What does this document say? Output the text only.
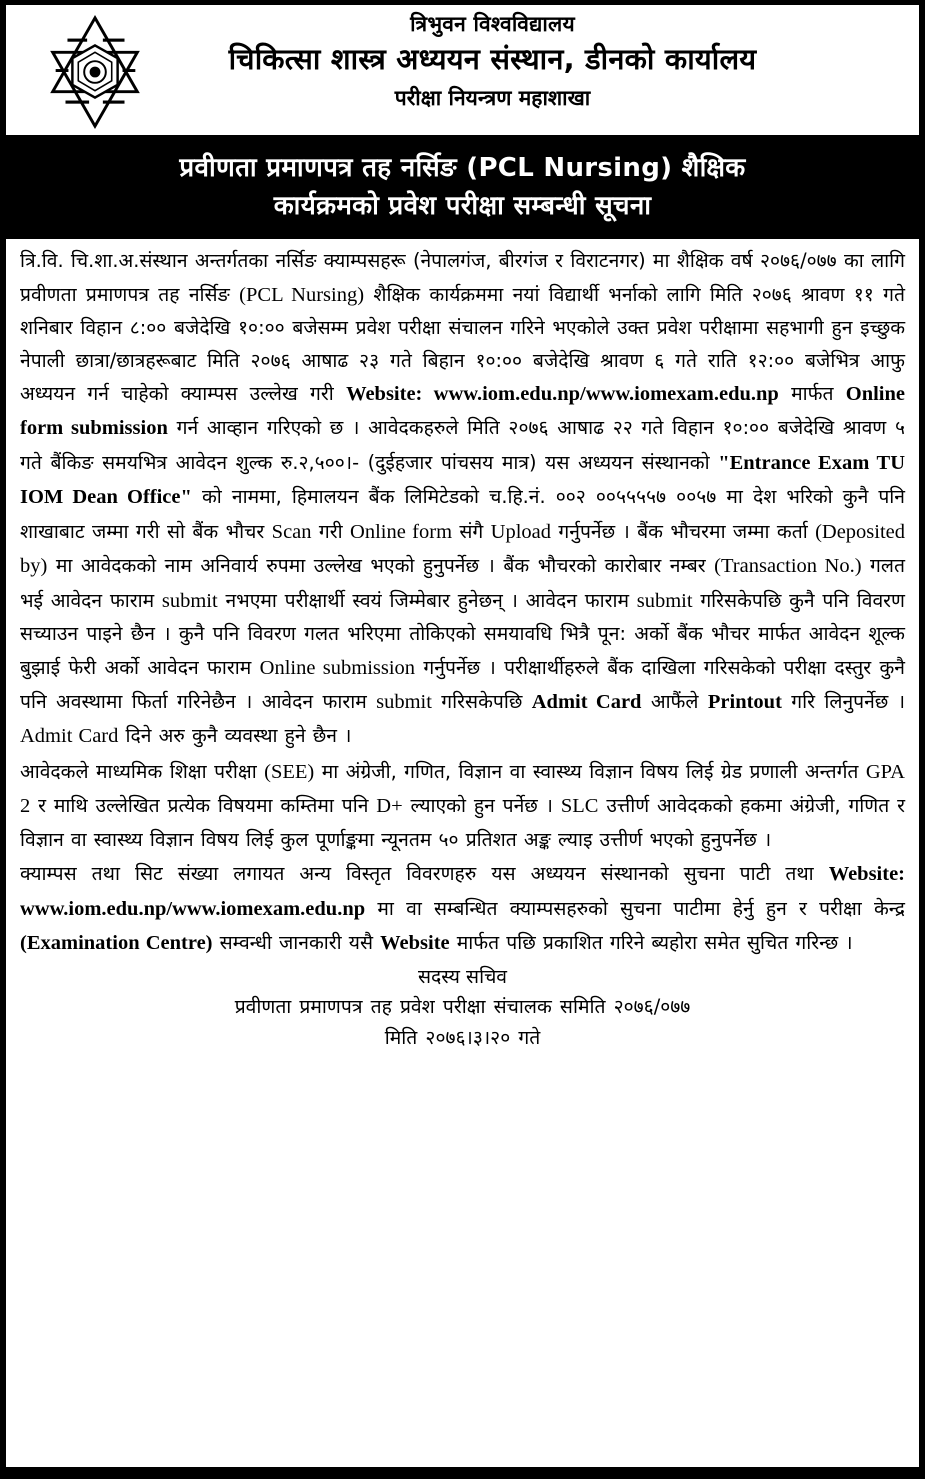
त्रिभुवन विश्वविद्यालय
चिकित्सा शास्त्र अध्ययन संस्थान, डीनको कार्यालय
परीक्षा नियन्त्रण महाशाखा
प्रवीणता प्रमाणपत्र तह नर्सिङ (PCL Nursing) शैक्षिक
कार्यक्रमको प्रवेश परीक्षा सम्बन्धी सूचना

त्रि.वि. चि.शा.अ.संस्थान अन्तर्गतका नर्सिङ क्याम्पसहरू (नेपालगंज, बीरगंज र विराटनगर) मा शैक्षिक वर्ष २०७६/०७७ का लागि प्रवीणता प्रमाणपत्र तह नर्सिङ (PCL Nursing) शैक्षिक कार्यक्रममा नयां विद्यार्थी भर्नाको लागि मिति २०७६ श्रावण ११ गते शनिबार विहान ८:०० बजेदेखि १०:०० बजेसम्म प्रवेश परीक्षा संचालन गरिने भएकोले उक्त प्रवेश परीक्षामा सहभागी हुन इच्छुक नेपाली छात्रा/छात्रहरूबाट मिति २०७६ आषाढ २३ गते बिहान १०:०० बजेदेखि श्रावण ६ गते राति १२:०० बजेभित्र आफु अध्ययन गर्न चाहेको क्याम्पस उल्लेख गरी Website: www.iom.edu.np/www.iomexam.edu.np मार्फत Online form submission गर्न आव्हान गरिएको छ । आवेदकहरुले मिति २०७६ आषाढ २२ गते विहान १०:०० बजेदेखि श्रावण ५ गते बैंकिङ समयभित्र आवेदन शुल्क रु.२,५००।- (दुईहजार पांचसय मात्र) यस अध्ययन संस्थानको "Entrance Exam TU IOM Dean Office" को नाममा, हिमालयन बैंक लिमिटेडको च.हि.नं. ००२ ००५५५५७ ००५७ मा देश भरिको कुनै पनि शाखाबाट जम्मा गरी सो बैंक भौचर Scan गरी Online form संगै Upload गर्नुपर्नेछ । बैंक भौचरमा जम्मा कर्ता (Deposited by) मा आवेदकको नाम अनिवार्य रुपमा उल्लेख भएको हुनुपर्नेछ । बैंक भौचरको कारोबार नम्बर (Transaction No.) गलत भई आवेदन फाराम submit नभएमा परीक्षार्थी स्वयं जिम्मेबार हुनेछन् । आवेदन फाराम submit गरिसकेपछि कुनै पनि विवरण सच्याउन पाइने छैन । कुनै पनि विवरण गलत भरिएमा तोकिएको समयावधि भित्रै पून: अर्को बैंक भौचर मार्फत आवेदन शूल्क बुझाई फेरी अर्को आवेदन फाराम Online submission गर्नुपर्नेछ । परीक्षार्थीहरुले बैंक दाखिला गरिसकेको परीक्षा दस्तुर कुनै पनि अवस्थामा फिर्ता गरिनेछैन । आवेदन फाराम submit गरिसकेपछि Admit Card आफैंले Printout गरि लिनुपर्नेछ । Admit Card दिने अरु कुनै व्यवस्था हुने छैन ।

आवेदकले माध्यमिक शिक्षा परीक्षा (SEE) मा अंग्रेजी, गणित, विज्ञान वा स्वास्थ्य विज्ञान विषय लिई ग्रेड प्रणाली अन्तर्गत GPA 2 र माथि उल्लेखित प्रत्येक विषयमा कम्तिमा पनि D+ ल्याएको हुन पर्नेछ । SLC उत्तीर्ण आवेदकको हकमा अंग्रेजी, गणित र विज्ञान वा स्वास्थ्य विज्ञान विषय लिई कुल पूर्णाङ्कमा न्यूनतम ५० प्रतिशत अङ्क ल्याइ उत्तीर्ण भएको हुनुपर्नेछ ।

क्याम्पस तथा सिट संख्या लगायत अन्य विस्तृत विवरणहरु यस अध्ययन संस्थानको सुचना पाटी तथा Website: www.iom.edu.np/www.iomexam.edu.np मा वा सम्बन्धित क्याम्पसहरुको सुचना पाटीमा हेर्नु हुन र परीक्षा केन्द्र (Examination Centre) सम्वन्धी जानकारी यसै Website मार्फत पछि प्रकाशित गरिने ब्यहोरा समेत सुचित गरिन्छ ।

सदस्य सचिव
प्रवीणता प्रमाणपत्र तह प्रवेश परीक्षा संचालक समिति २०७६/०७७
मिति २०७६।३।२० गते
